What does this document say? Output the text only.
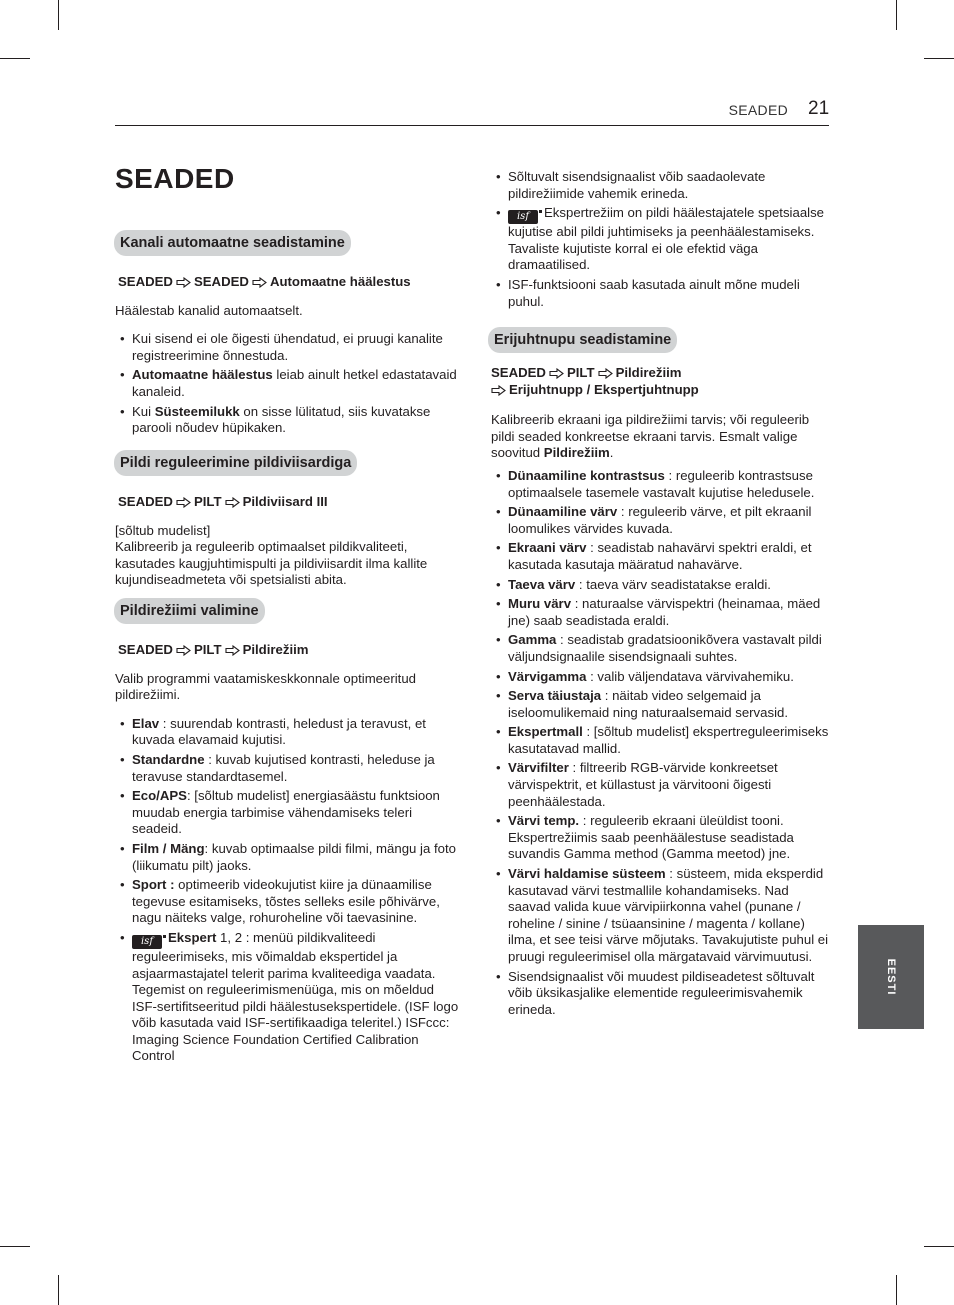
SEADED 21
EESTI
SEADED
Kanali automaatne seadistamine

SEADED SEADED Automaatne häälestus

Häälestab kanalid automaatselt.

• Kui sisend ei ole õigesti ühendatud, ei pruugi kanalite registreerimine õnnestuda.
• Automaatne häälestus leiab ainult hetkel edastatavaid kanaleid.
• Kui Süsteemilukk on sisse lülitatud, siis kuvatakse parooli nõudev hüpikaken.
Pildi reguleerimine pildiviisardiga

SEADED PILT Pildiviisard III

[sõltub mudelist]

Kalibreerib ja reguleerib optimaalset pildikvaliteeti, kasutades kaugjuhtimispulti ja pildiviisardit ilma kallite kujundiseadmeteta või spetsialisti abita.

Pildirežiimi valimine

SEADED PILT Pildirežiim

Valib programmi vaatamiskeskkonnale optimeeritud pildirežiimi.

• Elav : suurendab kontrasti, heledust ja teravust, et kuvada elavamaid kujutisi.
• Standardne : kuvab kujutised kontrasti, heleduse ja teravuse standardtasemel.
• Eco/APS: [sõltub mudelist] energiasäästu funktsioon muudab energia tarbimise vähendamiseks teleri seadeid.
• Film / Mäng: kuvab optimaalse pildi filmi, mängu ja foto (liikumatu pilt) jaoks.
• Sport : optimeerib videokujutist kiire ja dünaamilise tegevuse esitamiseks, tõstes selleks esile põhivärve, nagu näiteks valge, rohuroheline või taevasinine.
• isf Ekspert 1, 2 : menüü pildikvaliteedi reguleerimiseks, mis võimaldab ekspertidel ja asjaarmastajatel telerit parima kvaliteediga vaadata. Tegemist on reguleerimismenüüga, mis on mõeldud ISF-sertifitseeritud pildi häälestusekspertidele. (ISF logo võib kasutada vaid ISF-sertifikaadiga teleritel.) ISFccc: Imaging Science Foundation Certified Calibration Control
• Sõltuvalt sisendsignaalist võib saadaolevate pildirežiimide vahemik erineda.
• isf Ekspertrežiim on pildi häälestajatele spetsiaalse kujutise abil pildi juhtimiseks ja peenhäälestamiseks. Tavaliste kujutiste korral ei ole efektid väga dramaatilised.
• ISF-funktsiooni saab kasutada ainult mõne mudeli puhul.
Erijuhtnupu seadistamine

SEADED PILT Pildirežiim
Erijuhtnupp / Ekspertjuhtnupp

Kalibreerib ekraani iga pildirežiimi tarvis; või reguleerib pildi seaded konkreetse ekraani tarvis. Esmalt valige soovitud Pildirežiim.

• Dünaamiline kontrastsus : reguleerib kontrastsuse optimaalsele tasemele vastavalt kujutise heledusele.
• Dünaamiline värv : reguleerib värve, et pilt ekraanil loomulikes värvides kuvada.
• Ekraani värv : seadistab nahavärvi spektri eraldi, et kasutada kasutaja määratud nahavärve.
• Taeva värv : taeva värv seadistatakse eraldi.
• Muru värv : naturaalse värvispektri (heinamaa, mäed jne) saab seadistada eraldi.
• Gamma : seadistab gradatsioonikõvera vastavalt pildi väljundsignaalile sisendsignaali suhtes.
• Värvigamma : valib väljendatava värvivahemiku.
• Serva täiustaja : näitab video selgemaid ja iseloomulikemaid ning naturaalsemaid servasid.
• Ekspertmall : [sõltub mudelist] ekspertreguleerimiseks kasutatavad mallid.
• Värvifilter : filtreerib RGB-värvide konkreetset värvispektrit, et küllastust ja värvitooni õigesti peenhäälestada.
• Värvi temp. : reguleerib ekraani üleüldist tooni. Ekspertrežiimis saab peenhäälestuse seadistada suvandis Gamma method (Gamma meetod) jne.
• Värvi haldamise süsteem : süsteem, mida eksperdid kasutavad värvi testmallile kohandamiseks. Nad saavad valida kuue värvipiirkonna vahel (punane / roheline / sinine / tsüaansinine / magenta / kollane) ilma, et see teisi värve mõjutaks. Tavakujutiste puhul ei pruugi reguleerimisel olla märgatavaid värvimuutusi.
• Sisendsignaalist või muudest pildiseadetest sõltuvalt võib üksikasjalike elementide reguleerimisvahemik erineda.
